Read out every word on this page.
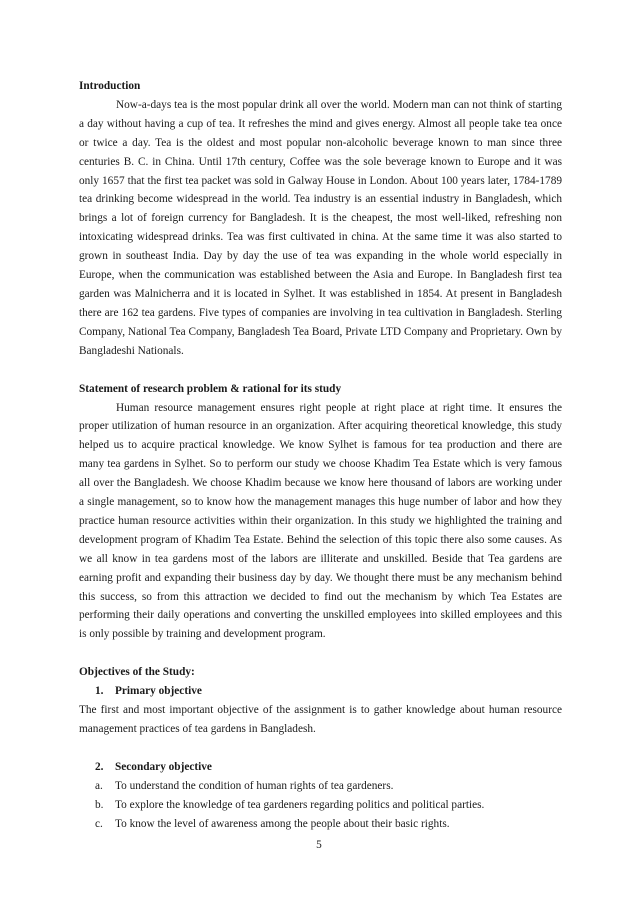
Introduction

Now-a-days tea is the most popular drink all over the world. Modern man can not think of starting a day without having a cup of tea. It refreshes the mind and gives energy. Almost all people take tea once or twice a day. Tea is the oldest and most popular non-alcoholic beverage known to man since three centuries B. C. in China. Until 17th century, Coffee was the sole beverage known to Europe and it was only 1657 that the first tea packet was sold in Galway House in London. About 100 years later, 1784-1789 tea drinking become widespread in the world. Tea industry is an essential industry in Bangladesh, which brings a lot of foreign currency for Bangladesh. It is the cheapest, the most well-liked, refreshing non intoxicating widespread drinks. Tea was first cultivated in china. At the same time it was also started to grown in southeast India. Day by day the use of tea was expanding in the whole world especially in Europe, when the communication was established between the Asia and Europe. In Bangladesh first tea garden was Malnicherra and it is located in Sylhet. It was established in 1854. At present in Bangladesh there are 162 tea gardens. Five types of companies are involving in tea cultivation in Bangladesh. Sterling Company, National Tea Company, Bangladesh Tea Board, Private LTD Company and Proprietary. Own by Bangladeshi Nationals.

Statement of research problem & rational for its study

Human resource management ensures right people at right place at right time. It ensures the proper utilization of human resource in an organization. After acquiring theoretical knowledge, this study helped us to acquire practical knowledge. We know Sylhet is famous for tea production and there are many tea gardens in Sylhet. So to perform our study we choose Khadim Tea Estate which is very famous all over the Bangladesh. We choose Khadim because we know here thousand of labors are working under a single management, so to know how the management manages this huge number of labor and how they practice human resource activities within their organization. In this study we highlighted the training and development program of Khadim Tea Estate. Behind the selection of this topic there also some causes. As we all know in tea gardens most of the labors are illiterate and unskilled. Beside that Tea gardens are earning profit and expanding their business day by day. We thought there must be any mechanism behind this success, so from this attraction we decided to find out the mechanism by which Tea Estates are performing their daily operations and converting the unskilled employees into skilled employees and this is only possible by training and development program.

Objectives of the Study:

1. Primary objective

The first and most important objective of the assignment is to gather knowledge about human resource management practices of tea gardens in Bangladesh.

2. Secondary objective

a. To understand the condition of human rights of tea gardeners.
b. To explore the knowledge of tea gardeners regarding politics and political parties.
c. To know the level of awareness among the people about their basic rights.
5
